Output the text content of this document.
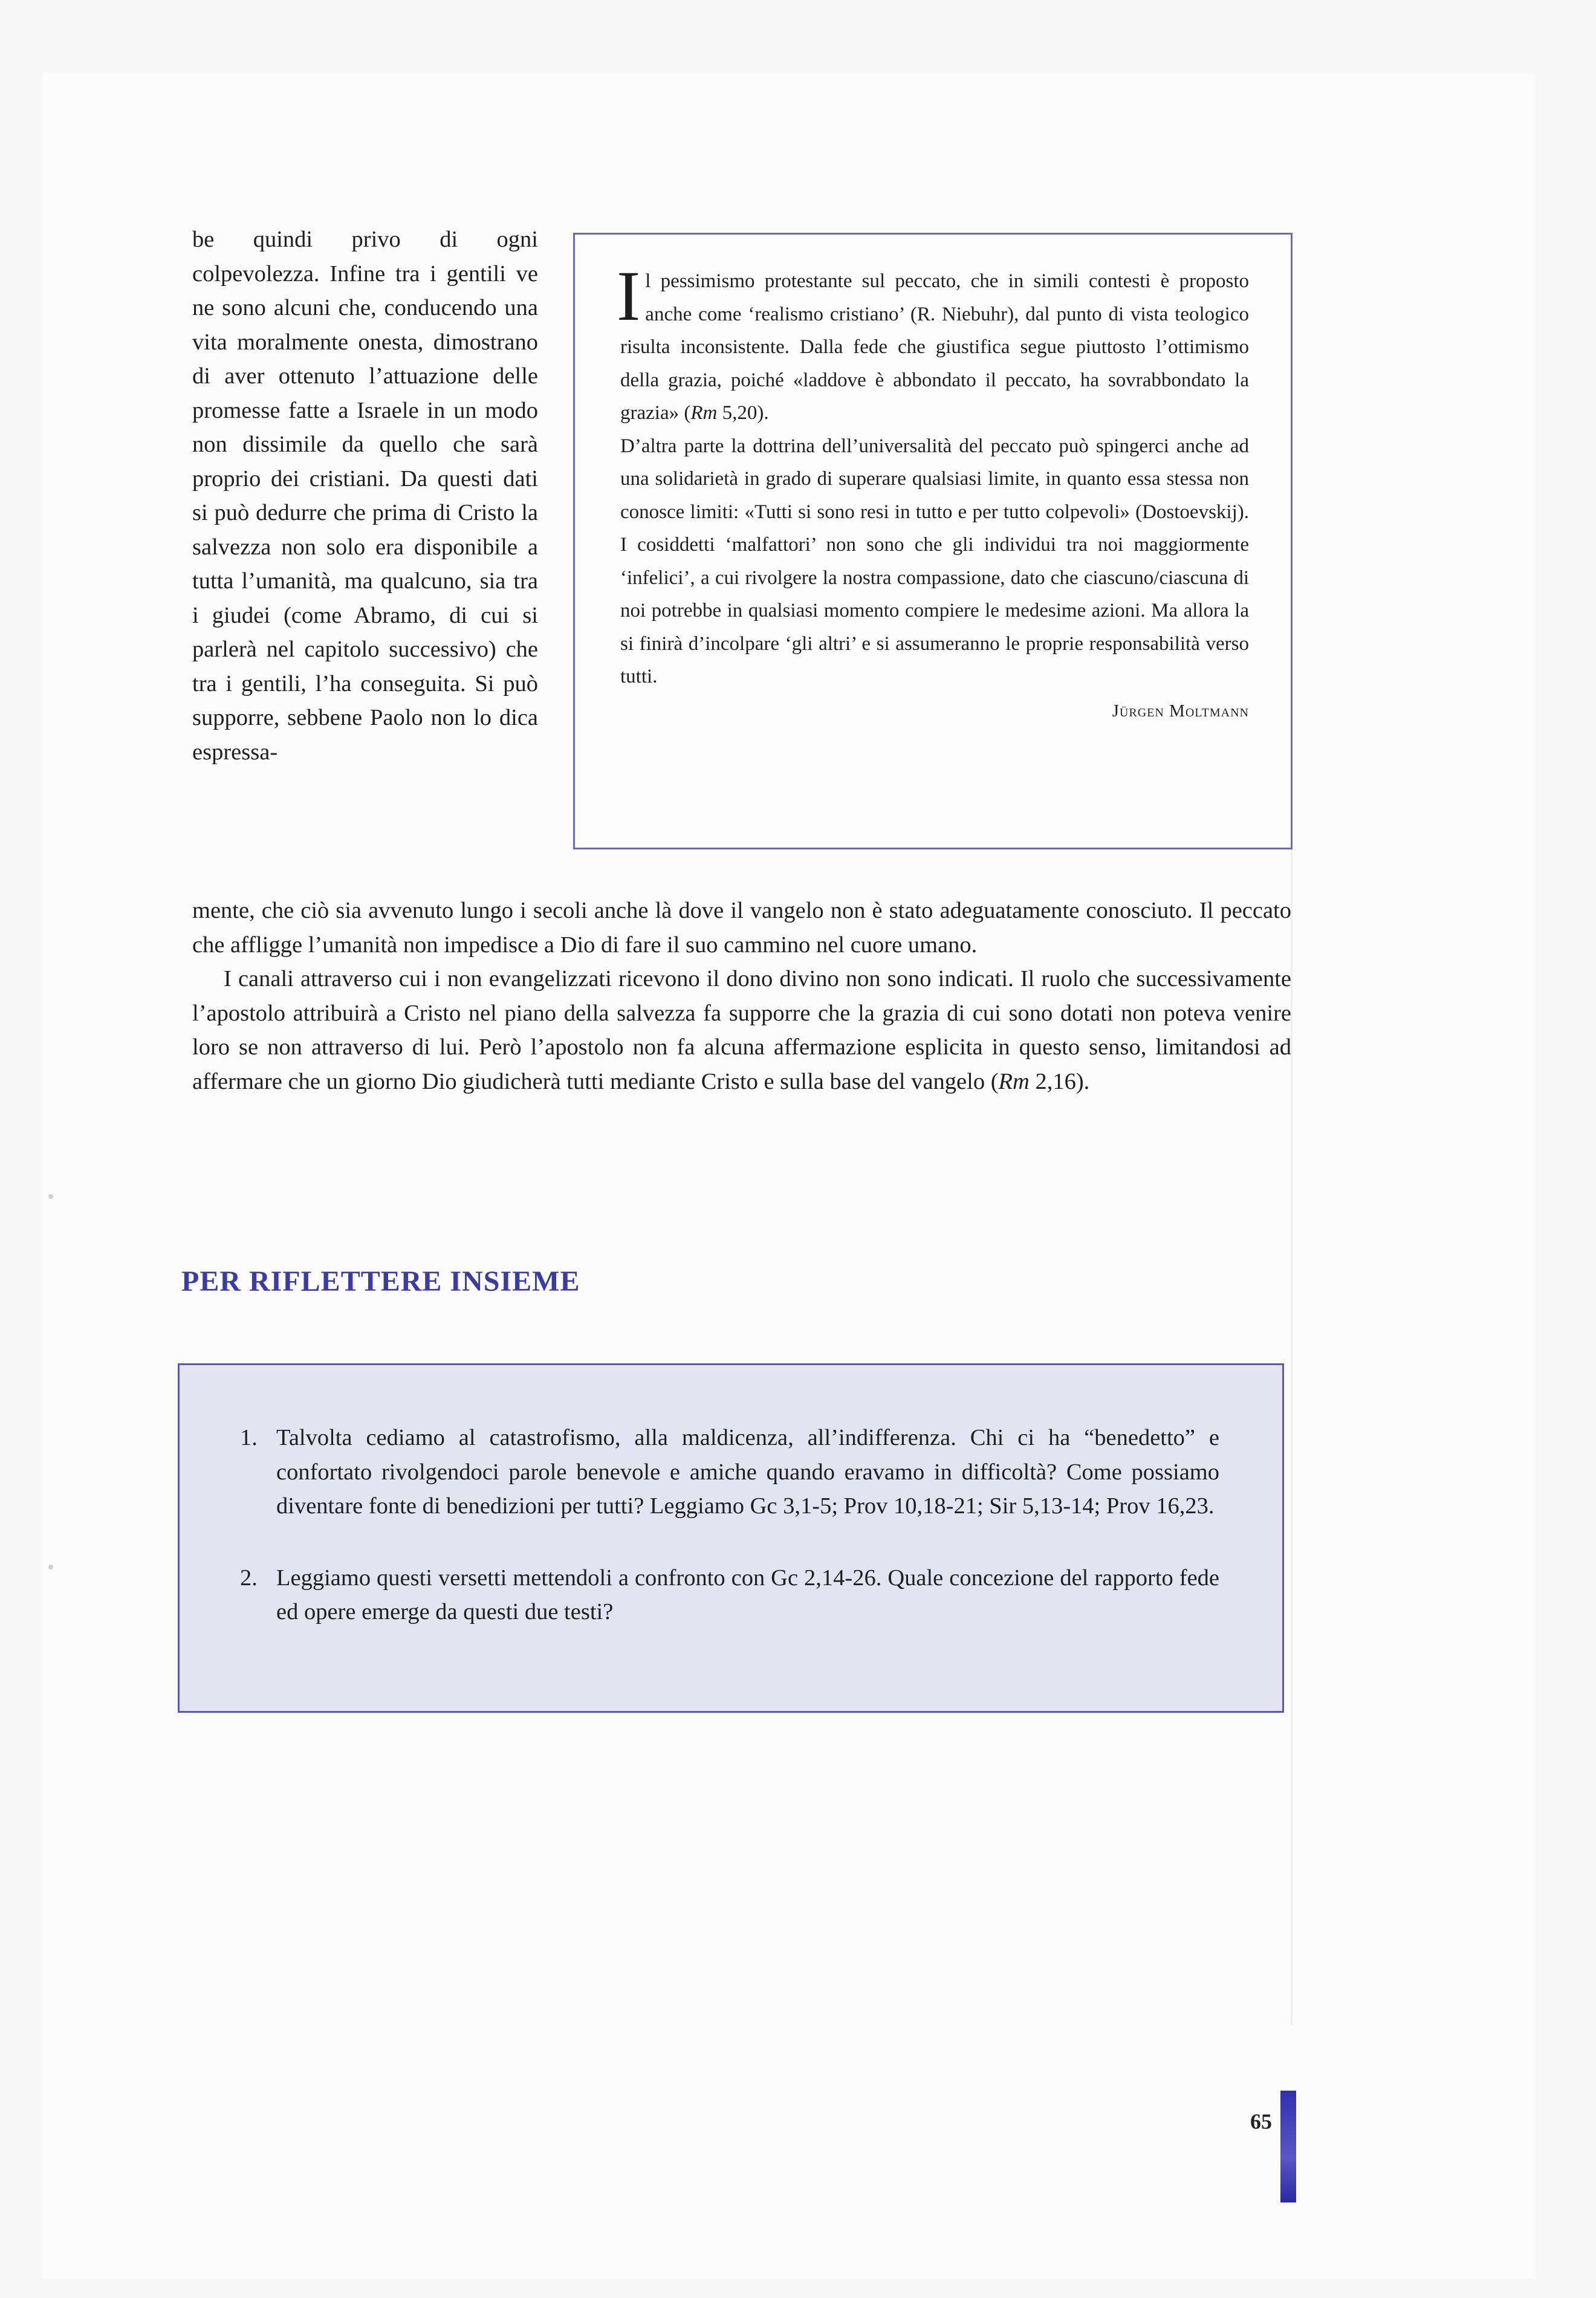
be quindi privo di ogni colpevolezza. Infine tra i gentili ve ne sono alcuni che, conducendo una vita moralmente onesta, dimostrano di aver ottenuto l’attuazione delle promesse fatte a Israele in un modo non dissimile da quello che sarà proprio dei cristiani. Da questi dati si può dedurre che prima di Cristo la salvezza non solo era disponibile a tutta l’umanità, ma qualcuno, sia tra i giudei (come Abramo, di cui si parlerà nel capitolo successivo) che tra i gentili, l’ha conseguita. Si può supporre, sebbene Paolo non lo dica espressa-

Il pessimismo protestante sul peccato, che in simili contesti è proposto anche come ‘realismo cristiano’ (R. Niebuhr), dal punto di vista teologico risulta inconsistente. Dalla fede che giustifica segue piuttosto l’ottimismo della grazia, poiché «laddove è abbondato il peccato, ha sovrabbondato la grazia» (Rm 5,20).

D’altra parte la dottrina dell’universalità del peccato può spingerci anche ad una solidarietà in grado di superare qualsiasi limite, in quanto essa stessa non conosce limiti: «Tutti si sono resi in tutto e per tutto colpevoli» (Dostoevskij). I cosiddetti ‘malfattori’ non sono che gli individui tra noi maggiormente ‘infelici’, a cui rivolgere la nostra compassione, dato che ciascuno/ciascuna di noi potrebbe in qualsiasi momento compiere le medesime azioni. Ma allora la si finirà d’incolpare ‘gli altri’ e si assumeranno le proprie responsabilità verso tutti.

Jürgen Moltmann

mente, che ciò sia avvenuto lungo i secoli anche là dove il vangelo non è stato adeguatamente conosciuto. Il peccato che affligge l’umanità non impedisce a Dio di fare il suo cammino nel cuore umano.

I canali attraverso cui i non evangelizzati ricevono il dono divino non sono indicati. Il ruolo che successivamente l’apostolo attribuirà a Cristo nel piano della salvezza fa supporre che la grazia di cui sono dotati non poteva venire loro se non attraverso di lui. Però l’apostolo non fa alcuna affermazione esplicita in questo senso, limitandosi ad affermare che un giorno Dio giudicherà tutti mediante Cristo e sulla base del vangelo (Rm 2,16).

PER RIFLETTERE INSIEME
1. Talvolta cediamo al catastrofismo, alla maldicenza, all’indifferenza. Chi ci ha “benedetto” e confortato rivolgendoci parole benevole e amiche quando eravamo in difficoltà? Come possiamo diventare fonte di benedizioni per tutti? Leggiamo Gc 3,1-5; Prov 10,18-21; Sir 5,13-14; Prov 16,23.
2. Leggiamo questi versetti mettendoli a confronto con Gc 2,14-26. Quale concezione del rapporto fede ed opere emerge da questi due testi?
65
